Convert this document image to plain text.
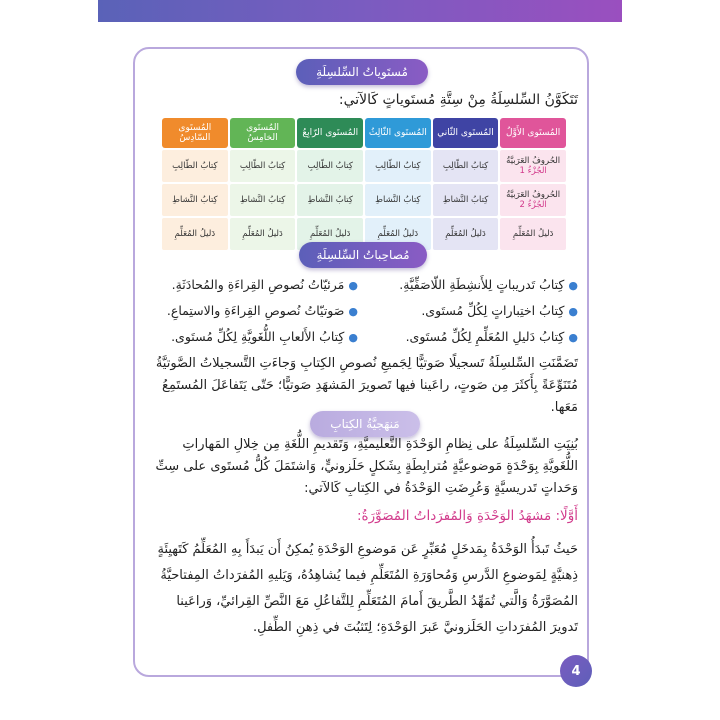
مُستَوياتُ السِّلسِلَةِ
تَتَكَوَّنُ السِّلسِلَةُ مِنْ سِتَّةِ مُستَوياتٍ كَالآتي:
المُستَوى الأَوَّلُ	المُستَوى الثّاني	المُستَوى الثّالِثُ	المُستَوى الرّابِعُ	المُستَوى الخامِسُ	المُستَوى السّادِسُ
الحُروفُ العَرَبيَّةُ الجُزْءُ 1	كِتابُ الطّالِبِ	كِتابُ الطّالِبِ	كِتابُ الطّالِبِ	كِتابُ الطّالِبِ	كِتابُ الطّالِبِ
الحُروفُ العَرَبيَّةُ الجُزْءُ 2	كِتابُ النَّشاطِ	كِتابُ النَّشاطِ	كِتابُ النَّشاطِ	كِتابُ النَّشاطِ	كِتابُ النَّشاطِ
دَليلُ المُعَلِّمِ	دَليلُ المُعَلِّمِ	دَليلُ المُعَلِّمِ	دَليلُ المُعَلِّمِ	دَليلُ المُعَلِّمِ	دَليلُ المُعَلِّمِ
مُصاحِباتُ السِّلسِلَةِ
●كِتابُ تَدريباتٍ لِلأَنشِطَةِ اللّاصَفِّيَّةِ.
●كِتابُ اختِباراتٍ لِكُلِّ مُستَوى.
●كِتابُ دَليلِ المُعَلِّمِ لِكُلِّ مُستَوى.
●مَرئيّاتُ نُصوصِ القِراءَةِ والمُحادَثَةِ.
●صَوتيّاتُ نُصوصِ القِراءَةِ والاستِماعِ.
●كِتابُ الأَلعابِ اللُّغَويَّةِ لِكُلِّ مُستَوى.
تَضَمَّنَتِ السِّلسِلَةُ تَسجيلًا صَوتيًّا لِجَميعِ نُصوصِ الكِتابِ وَجاءَتِ التَّسجيلاتُ الصَّوتيَّةُ مُتَنَوِّعَةً بِأَكثَرَ مِن صَوتٍ، راعَينا فيها تَصويرَ المَشهَدِ صَوتيًّا؛ حَتّى يَتَفاعَلَ المُستَمِعُ مَعَها.
مَنهَجيَّةُ الكِتابِ
بُنِيَتِ السِّلسِلَةُ على نِظامِ الوَحْدَةِ التَّعليميَّةِ، وَتَقديمِ اللُّغَةِ مِن خِلالِ المَهاراتِ اللُّغَويَّةِ بِوَحْدَةٍ مَوضوعيَّةٍ مُترابِطَةٍ بِشَكلٍ حَلَزونيٍّ، وَاشتَمَلَ كُلُّ مُستَوى على سِتِّ وَحَداتٍ تَدريسيَّةٍ وَعُرِضَتِ الوَحْدَةُ في الكِتابِ كَالآتي:
أَوَّلًا: مَشهَدُ الوَحْدَةِ وَالمُفرَداتُ المُصَوَّرَةُ:
حَيثُ تَبدَأُ الوَحْدَةُ بِمَدخَلٍ مُعَبِّرٍ عَن مَوضوعِ الوَحْدَةِ يُمكِنُ أَن يَبدَأَ بِهِ المُعَلِّمُ كَتَهيِئَةٍ ذِهنيَّةٍ لِمَوضوعِ الدَّرسِ وَمُحاوَرَةِ المُتَعَلِّمِ فيما يُشاهِدُهُ، وَيَليهِ المُفرَداتُ المِفتاحيَّةُ المُصَوَّرَةُ وَالَّتي تُمَهِّدُ الطَّريقَ أَمامَ المُتَعَلِّمِ لِلتَّفاعُلِ مَعَ النَّصِّ القِرائيِّ، وَراعَينا تَدويرَ المُفرَداتِ الحَلَزونيَّ عَبرَ الوَحْدَةِ؛ لِتَثبُتَ في ذِهنِ الطِّفلِ.
4
